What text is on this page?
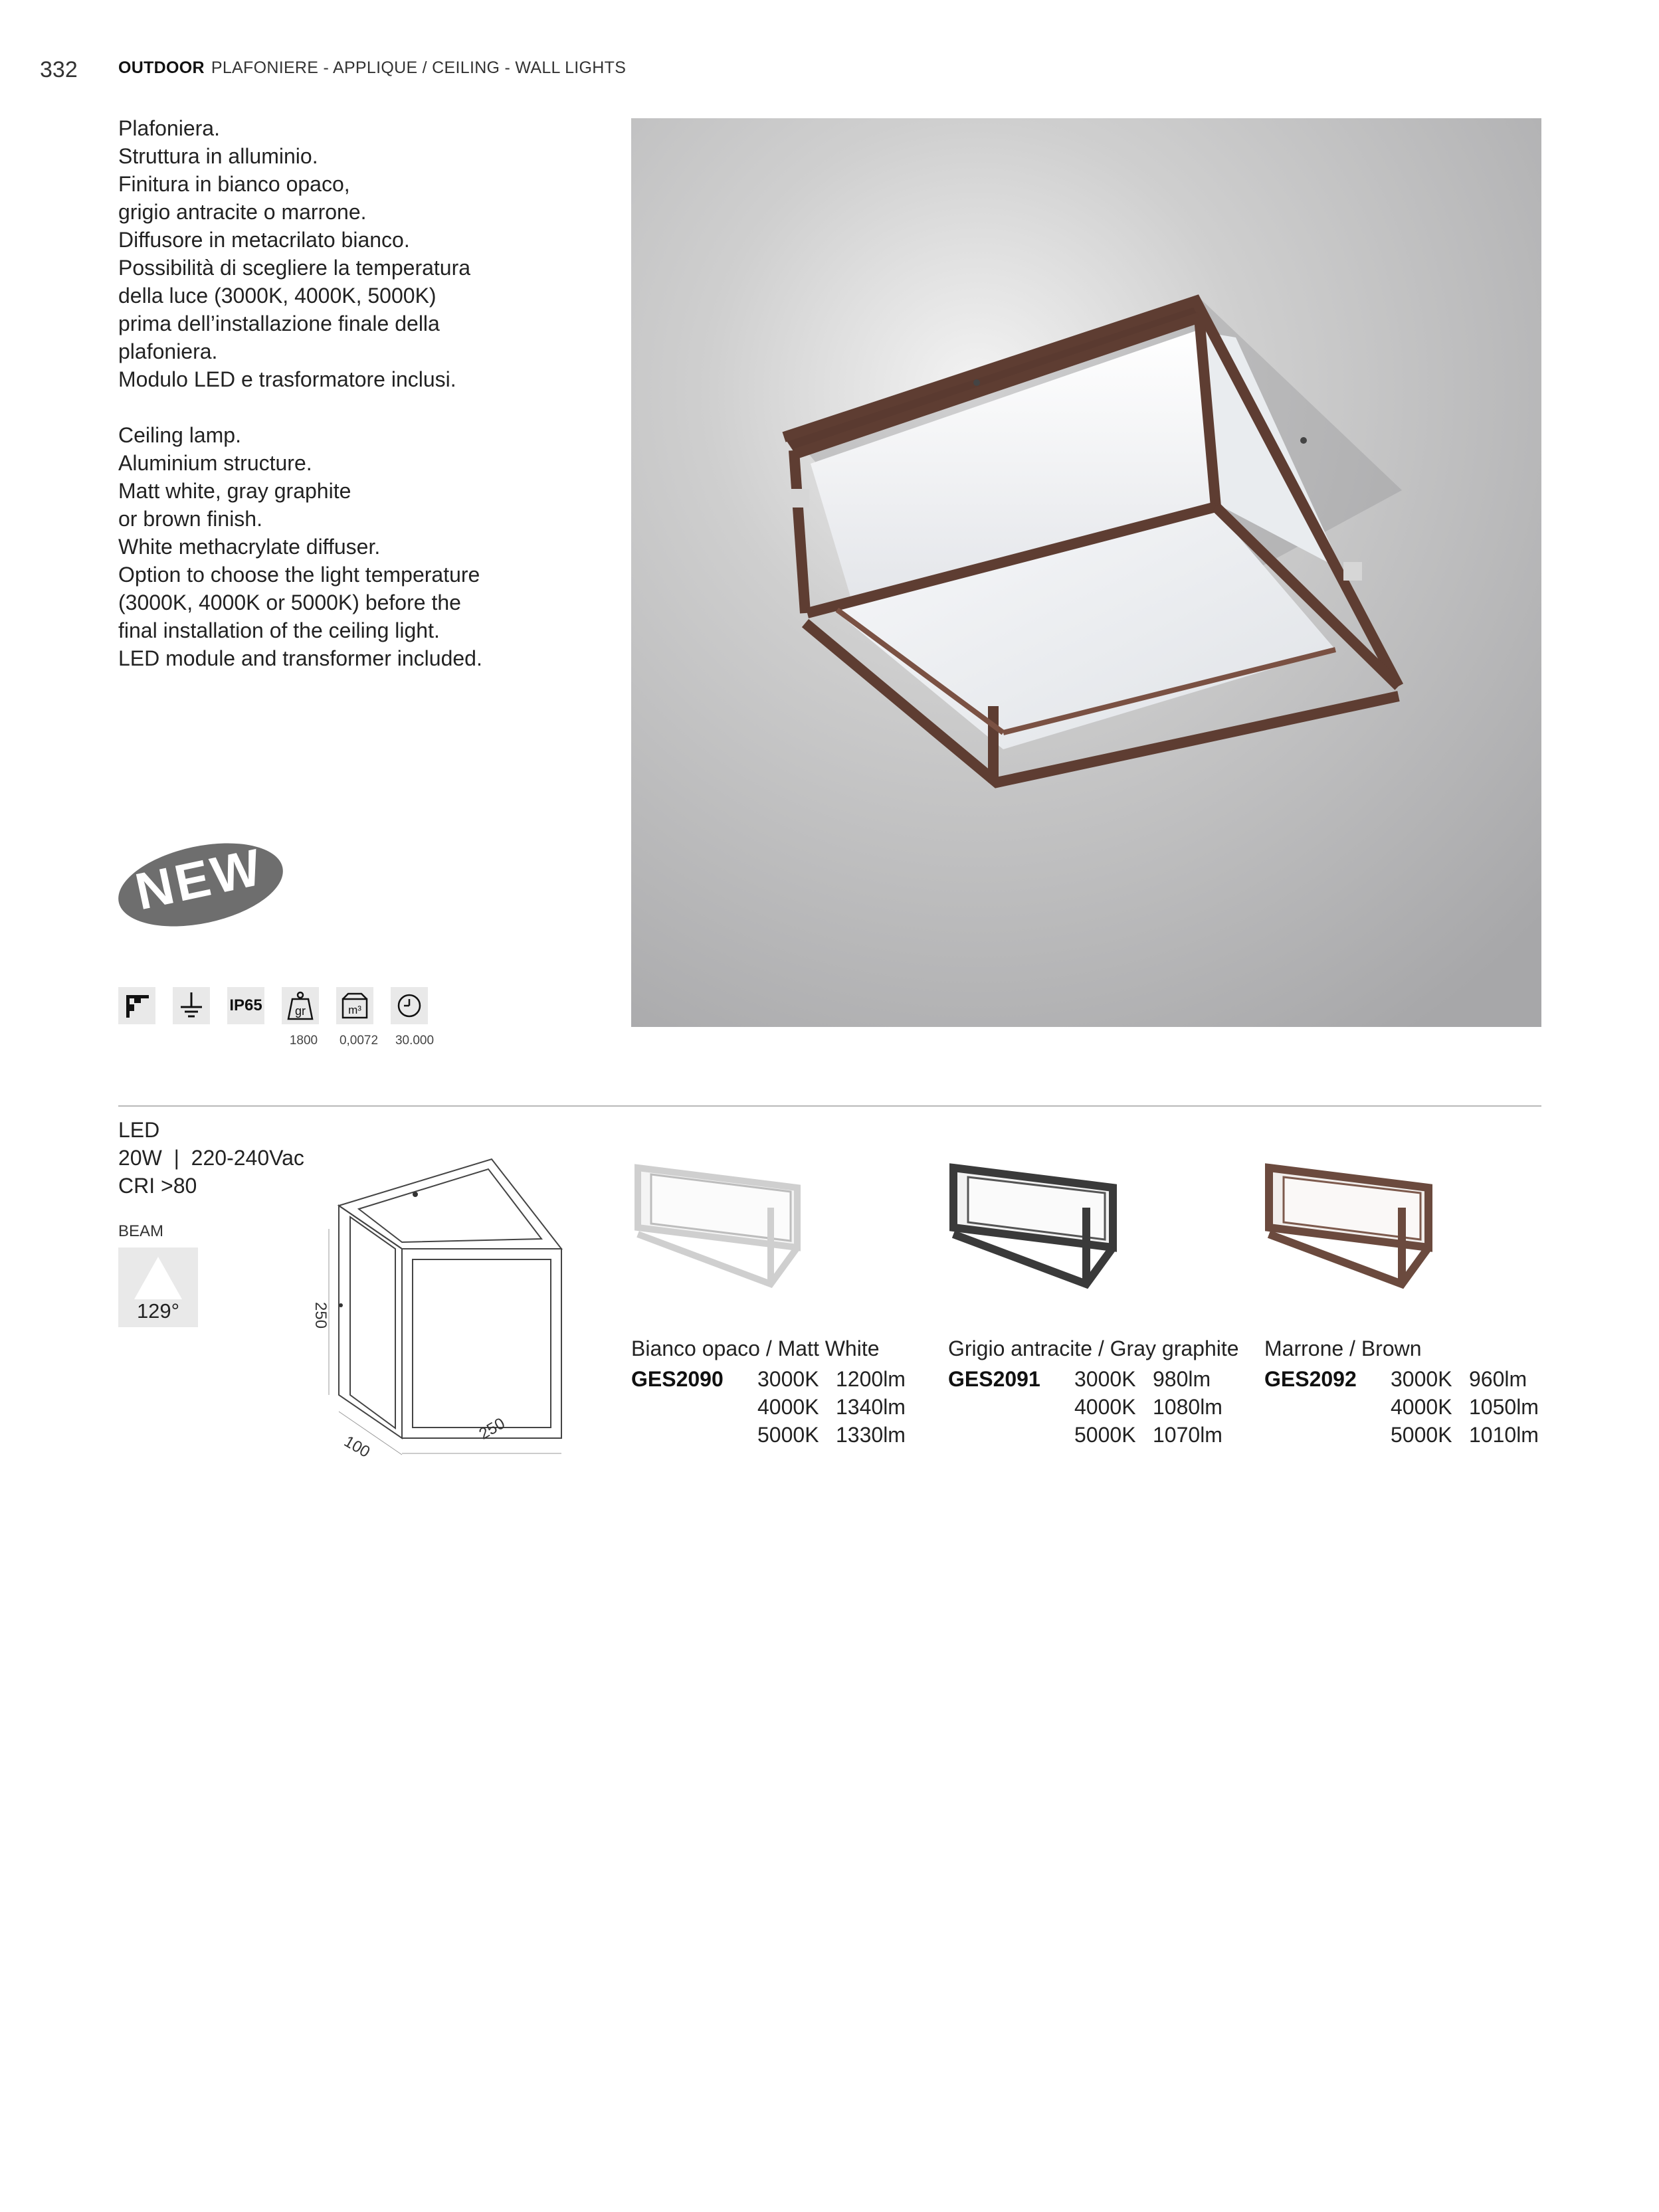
332 OUTDOOR PLAFONIERE - APPLIQUE / CEILING - WALL LIGHTS
Plafoniera.
Struttura in alluminio.
Finitura in bianco opaco,
grigio antracite o marrone.
Diffusore in metacrilato bianco.
Possibilità di scegliere la temperatura
della luce (3000K, 4000K, 5000K)
prima dell’installazione finale della
plafoniera.
Modulo LED e trasformatore inclusi.
Ceiling lamp.
Aluminium structure.
Matt white, gray graphite
or brown finish.
White methacrylate diffuser.
Option to choose the light temperature
(3000K, 4000K or 5000K) before the
final installation of the ceiling light.
LED module and transformer included.
NEW
IP65	gr	m³
1800 0,0072 30.000
LED
20W  |  220-240Vac
CRI >80
BEAM
129°	250
250
100
Bianco opaco / Matt White
GES2090	3000K 1200lm
4000K 1340lm
5000K 1330lm
Grigio antracite / Gray graphite
GES2091	3000K 980lm
4000K 1080lm
5000K 1070lm
Marrone / Brown
GES2092	3000K 960lm
4000K 1050lm
5000K 1010lm
